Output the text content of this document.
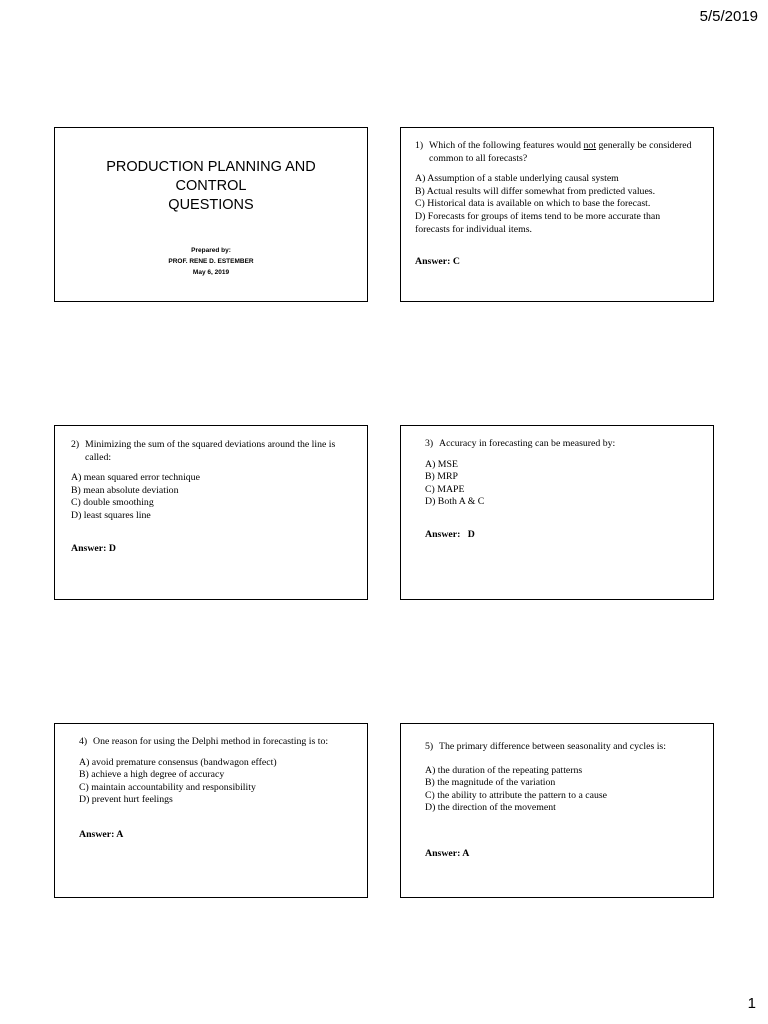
5/5/2019
PRODUCTION PLANNING AND
CONTROL
QUESTIONS
Prepared by:
PROF. RENE D. ESTEMBER
May 6, 2019
1) Which of the following features would not generally be considered common to all forecasts?
A) Assumption of a stable underlying causal system
B) Actual results will differ somewhat from predicted values.
C) Historical data is available on which to base the forecast.
D) Forecasts for groups of items tend to be more accurate than
forecasts for individual items.
Answer: C
2) Minimizing the sum of the squared deviations around the line is called:
A) mean squared error technique
B) mean absolute deviation
C) double smoothing
D) least squares line
Answer: D
3) Accuracy in forecasting can be measured by:
A) MSE
B) MRP
C) MAPE
D) Both A & C
Answer:   D
4) One reason for using the Delphi method in forecasting is to:
A) avoid premature consensus (bandwagon effect)
B) achieve a high degree of accuracy
C) maintain accountability and responsibility
D) prevent hurt feelings
Answer: A
5) The primary difference between seasonality and cycles is:
A) the duration of the repeating patterns
B) the magnitude of the variation
C) the ability to attribute the pattern to a cause
D) the direction of the movement
Answer: A
1
